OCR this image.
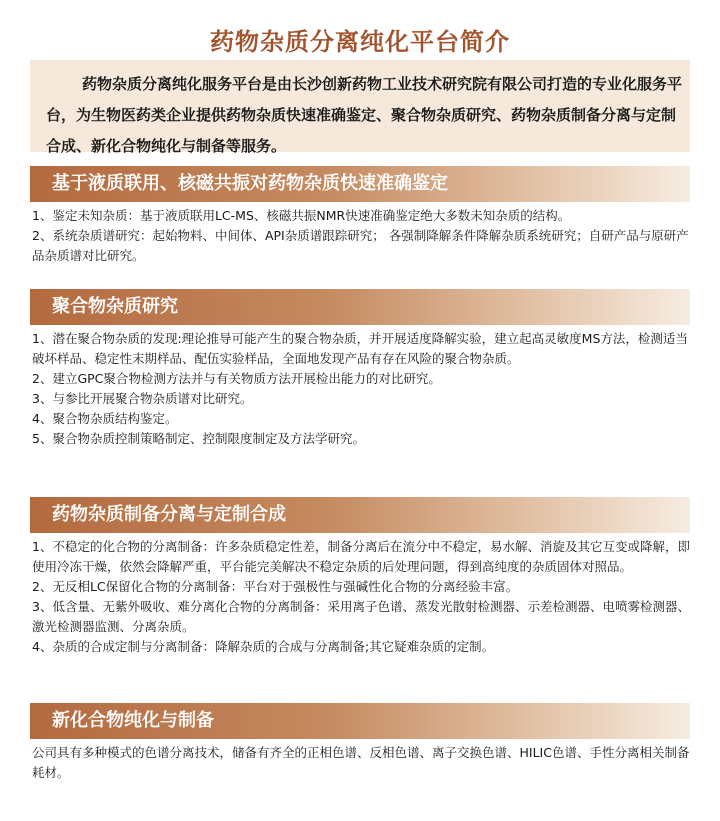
药物杂质分离纯化平台简介

药物杂质分离纯化服务平台是由长沙创新药物工业技术研究院有限公司打造的专业化服务平台，为生物医药类企业提供药物杂质快速准确鉴定、聚合物杂质研究、药物杂质制备分离与定制合成、新化合物纯化与制备等服务。

基于液质联用、核磁共振对药物杂质快速准确鉴定

1、鉴定未知杂质：基于液质联用LC-MS、核磁共振NMR快速准确鉴定绝大多数未知杂质的结构。

2、系统杂质谱研究：起始物料、中间体、API杂质谱跟踪研究； 各强制降解条件降解杂质系统研究；自研产品与原研产品杂质谱对比研究。

聚合物杂质研究

1、潜在聚合物杂质的发现:理论推导可能产生的聚合物杂质，并开展适度降解实验，建立起高灵敏度MS方法，检测适当破坏样品、稳定性末期样品、配伍实验样品，全面地发现产品有存在风险的聚合物杂质。

2、建立GPC聚合物检测方法并与有关物质方法开展检出能力的对比研究。

3、与参比开展聚合物杂质谱对比研究。

4、聚合物杂质结构鉴定。

5、聚合物杂质控制策略制定、控制限度制定及方法学研究。

药物杂质制备分离与定制合成

1、不稳定的化合物的分离制备：许多杂质稳定性差，制备分离后在流分中不稳定，易水解、消旋及其它互变或降解，即使用冷冻干燥，依然会降解严重，平台能完美解决不稳定杂质的后处理问题，得到高纯度的杂质固体对照品。

2、无反相LC保留化合物的分离制备：平台对于强极性与强碱性化合物的分离经验丰富。

3、低含量、无紫外吸收、难分离化合物的分离制备：采用离子色谱、蒸发光散射检测器、示差检测器、电喷雾检测器、激光检测器监测、分离杂质。

4、杂质的合成定制与分离制备：降解杂质的合成与分离制备;其它疑难杂质的定制。

新化合物纯化与制备

公司具有多种模式的色谱分离技术，储备有齐全的正相色谱、反相色谱、离子交换色谱、HILIC色谱、手性分离相关制备耗材。
